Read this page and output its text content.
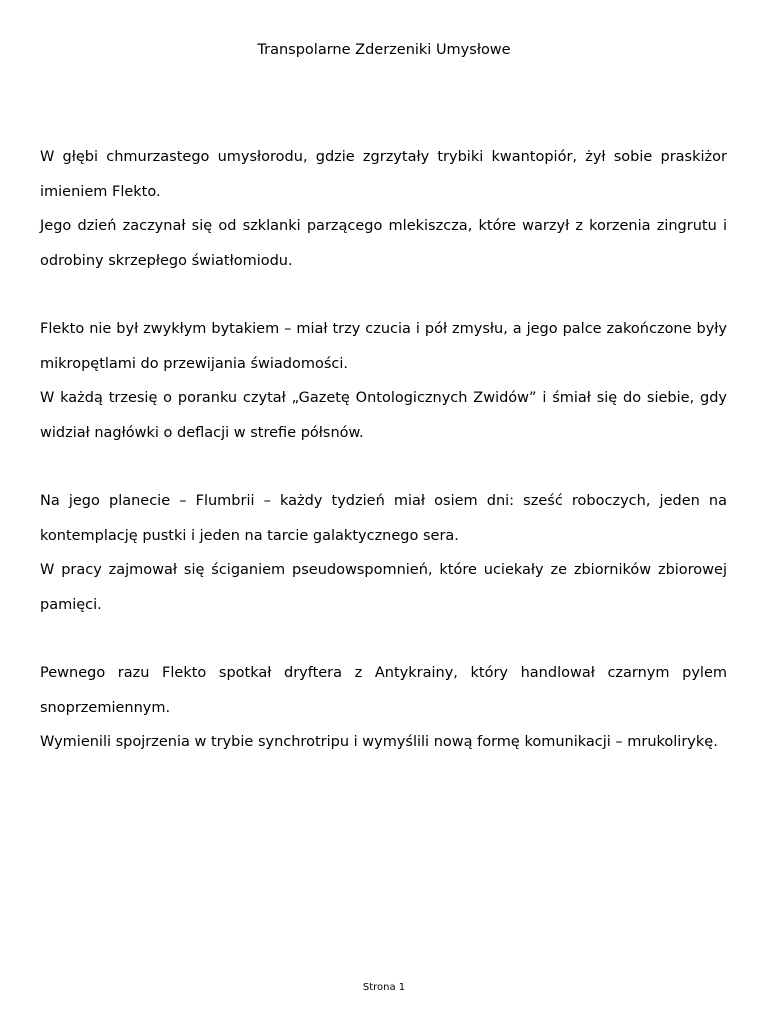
Transpolarne Zderzeniki Umysłowe

W głębi chmurzastego umysłorodu, gdzie zgrzytały trybiki kwantopiór, żył sobie praskiżor imieniem Flekto.

Jego dzień zaczynał się od szklanki parzącego mlekiszcza, które warzył z korzenia zingrutu i odrobiny skrzepłego światłomiodu.

Flekto nie był zwykłym bytakiem – miał trzy czucia i pół zmysłu, a jego palce zakończone były mikropętlami do przewijania świadomości.

W każdą trzesię o poranku czytał „Gazetę Ontologicznych Zwidów” i śmiał się do siebie, gdy widział nagłówki o deflacji w strefie półsnów.

Na jego planecie – Flumbrii – każdy tydzień miał osiem dni: sześć roboczych, jeden na kontemplację pustki i jeden na tarcie galaktycznego sera.

W pracy zajmował się ściganiem pseudowspomnień, które uciekały ze zbiorników zbiorowej pamięci.

Pewnego razu Flekto spotkał dryftera z Antykrainy, który handlował czarnym pylem snoprzemiennym.

Wymienili spojrzenia w trybie synchrotripu i wymyślili nową formę komunikacji – mrukolirykę.

Strona 1
